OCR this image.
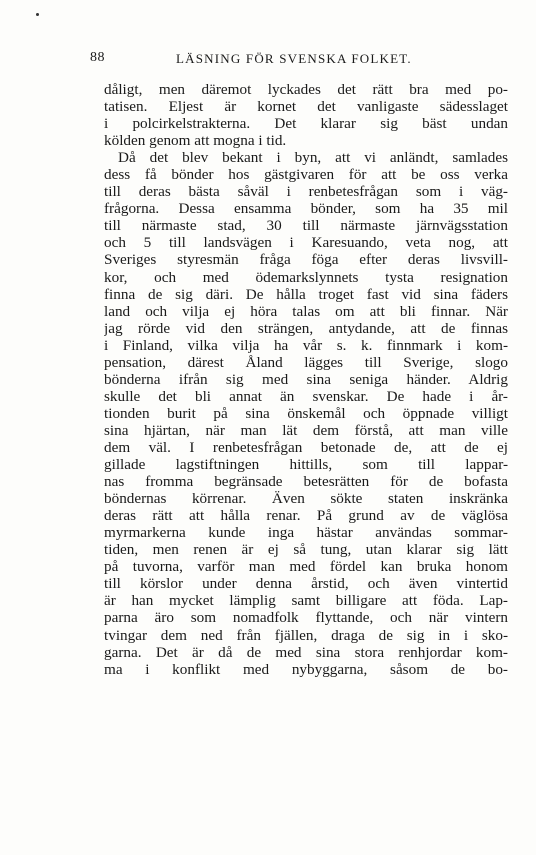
88	LÄSNING FÖR SVENSKA FOLKET.
dåligt, men däremot lyckades det rätt bra med po-
tatisen. Eljest är kornet det vanligaste sädesslaget
i polcirkelstrakterna. Det klarar sig bäst undan
kölden genom att mogna i tid.
Då det blev bekant i byn, att vi anländt, samlades
dess få bönder hos gästgivaren för att be oss verka
till deras bästa såväl i renbetesfrågan som i väg-
frågorna. Dessa ensamma bönder, som ha 35 mil
till närmaste stad, 30 till närmaste järnvägsstation
och 5 till landsvägen i Karesuando, veta nog, att
Sveriges styresmän fråga föga efter deras livsvill-
kor, och med ödemarkslynnets tysta resignation
finna de sig däri. De hålla troget fast vid sina fäders
land och vilja ej höra talas om att bli finnar. När
jag rörde vid den strängen, antydande, att de finnas
i Finland, vilka vilja ha vår s. k. finnmark i kom-
pensation, därest Åland lägges till Sverige, slogo
bönderna ifrån sig med sina seniga händer. Aldrig
skulle det bli annat än svenskar. De hade i år-
tionden burit på sina önskemål och öppnade villigt
sina hjärtan, när man lät dem förstå, att man ville
dem väl. I renbetesfrågan betonade de, att de ej
gillade lagstiftningen hittills, som till lappar-
nas fromma begränsade betesrätten för de bofasta
böndernas körrenar. Även sökte staten inskränka
deras rätt att hålla renar. På grund av de väglösa
myrmarkerna kunde inga hästar användas sommar-
tiden, men renen är ej så tung, utan klarar sig lätt
på tuvorna, varför man med fördel kan bruka honom
till körslor under denna årstid, och även vintertid
är han mycket lämplig samt billigare att föda. Lap-
parna äro som nomadfolk flyttande, och när vintern
tvingar dem ned från fjällen, draga de sig in i sko-
garna. Det är då de med sina stora renhjordar kom-
ma i konflikt med nybyggarna, såsom de bo-
